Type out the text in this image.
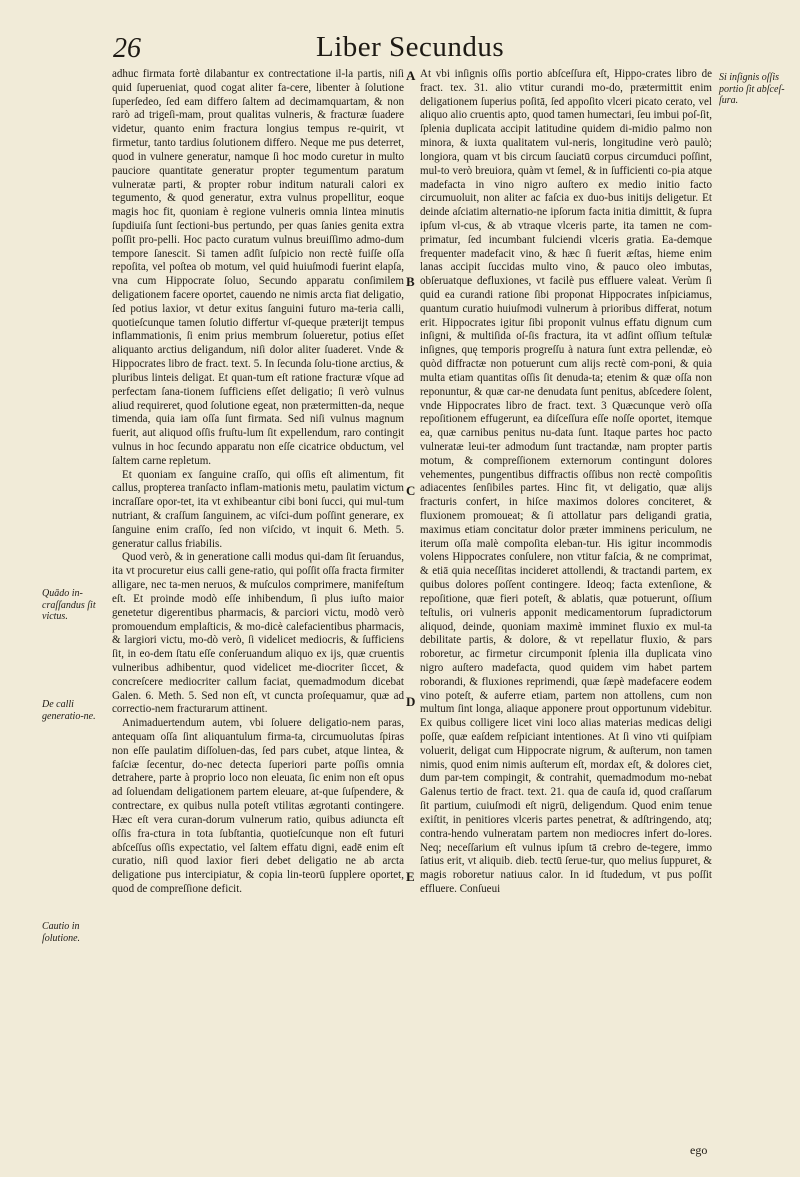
26	Liber Secundus

adhuc firmata fortè dilabantur ex contrectatione il-la partis, niſi quid ſuperueniat, quod cogat aliter fa-cere, libenter à ſolutione ſuperſedeo, ſed eam differo ſaltem ad decimamquartam, & non rarò ad trigeſi-mam, prout qualitas vulneris, & fracturæ ſuadere videtur, quanto enim fractura longius tempus re-quirit, vt firmetur, tanto tardius ſolutionem differo. Neque me pus deterret, quod in vulnere generatur, namque ſi hoc modo curetur in multo pauciore quantitate generatur propter tegumentum paratum vulneratæ parti, & propter robur inditum naturali calori ex tegumento, & quod generatur, extra vulnus propellitur, eoque magis hoc fit, quoniam è regione vulneris omnia lintea minutis ſupdiuiſa ſunt ſectioni-bus pertundo, per quas ſanies genita extra poſſit pro-pelli. Hoc pacto curatum vulnus breuiſſimo admo-dum tempore ſanescit. Si tamen adſit ſuſpicio non rectè fuiſſe oſſa repoſita, vel poſtea ob motum, vel quid huiuſmodi fuerint elapſa, vna cum Hippocrate ſoluo, Secundo apparatu conſimilem deligationem facere oportet, cauendo ne nimis arcta fiat deligatio, ſed potius laxior, vt detur exitus ſanguini futuro ma-teria calli, quotieſcunque tamen ſolutio differtur vſ-queque præterijt tempus inflammationis, ſi enim prius membrum ſolueretur, potius eſſet aliquanto arctius deligandum, niſi dolor aliter ſuaderet. Vnde & Hippocrates libro de fract. text. 5. In ſecunda ſolu-tione arctius, & pluribus linteis deligat. Et quan-tum eſt ratione fracturæ vſque ad perfectam ſana-tionem ſufficiens eſſet deligatio; ſi verò vulnus aliud requireret, quod ſolutione egeat, non prætermitten-da, neque timenda, quia iam oſſa ſunt firmata. Sed niſi vulnus magnum fuerit, aut aliquod oſſis fruſtu-lum ſit expellendum, raro contingit vulnus in hoc ſecundo apparatu non eſſe cicatrice obductum, vel ſaltem carne repletum.

Et quoniam ex ſanguine craſſo, qui oſſis eſt alimentum, fit callus, propterea tranſacto inflam-mationis metu, paulatim victum incraſſare opor-tet, ita vt exhibeantur cibi boni ſucci, qui mul-tum nutriant, & craſſum ſanguinem, ac viſci-dum poſſint generare, ex ſanguine enim craſſo, ſed non viſcido, vt inquit 6. Meth. 5. generatur callus friabilis.

Quod verò, & in generatione calli modus qui-dam ſit ſeruandus, ita vt procuretur eius calli gene-ratio, qui poſſit oſſa fracta firmiter alligare, nec ta-men neruos, & muſculos comprimere, manifeſtum eſt. Et proinde modò eſſe inhibendum, ſi plus iuſto maior genetetur digerentibus pharmacis, & parciori victu, modò verò promouendum emplaſticis, & mo-dicè calefacientibus pharmacis, & largiori victu, mo-dò verò, ſi videlicet mediocris, & ſufficiens ſit, in eo-dem ſtatu eſſe conſeruandum aliquo ex ijs, quæ cruentis vulneribus adhibentur, quod videlicet me-diocriter ſiccet, & concreſcere mediocriter callum faciat, quemadmodum dicebat Galen. 6. Meth. 5. Sed non eſt, vt cuncta proſequamur, quæ ad correctio-nem fracturarum attinent.

Animaduertendum autem, vbi ſoluere deligatio-nem paras, antequam oſſa ſint aliquantulum firma-ta, circumuolutas ſpiras non eſſe paulatim diſſoluen-das, ſed pars cubet, atque lintea, & faſciæ ſecentur, do-nec detecta ſuperiori parte poſſis omnia detrahere, parte à proprio loco non eleuata, ſic enim non eſt opus ad ſoluendam deligationem partem eleuare, at-que ſuſpendere, & contrectare, ex quibus nulla poteſt vtilitas ægrotanti contingere. Hæc eſt vera curan-dorum vulnerum ratio, quibus adiuncta eſt oſſis fra-ctura in tota ſubſtantia, quotieſcunque non eſt futuri abſceſſus oſſis expectatio, vel ſaltem effatu digni, eadē enim eſt curatio, niſi quod laxior fieri debet deligatio ne ab arcta deligatione pus intercipiatur, & copia lin-teorū ſupplere oportet, quod de compreſſione deficit.

At vbi inſignis oſſis portio abſceſſura eſt, Hippo-crates libro de fract. tex. 31. alio vtitur curandi mo-do, prætermittit enim deligationem ſuperius poſitā, ſed appoſito vlceri picato cerato, vel aliquo alio cruentis apto, quod tamen humectari, ſeu imbui poſ-ſit, ſplenia duplicata accipit latitudine quidem di-midio palmo non minora, & iuxta qualitatem vul-neris, longitudine verò paulò; longiora, quam vt bis circum ſauciatū corpus circumduci poſſint, mul-to verò breuiora, quàm vt ſemel, & in ſufficienti co-pia atque madefacta in vino nigro auſtero ex medio initio facto circumuoluit, non aliter ac faſcia ex duo-bus initijs deligetur. Et deinde aſciatim alternatio-ne ipſorum facta initia dimittit, & ſupra ipſum vl-cus, & ab vtraque vlceris parte, ita tamen ne com-primatur, ſed incumbant fulciendi vlceris gratia. Ea-demque frequenter madefacit vino, & hæc ſi fuerit æſtas, hieme enim lanas accipit ſuccidas multo vino, & pauco oleo imbutas, obſeruatque defluxiones, vt facilè pus effluere valeat. Verùm ſi quid ea curandi ratione ſibi proponat Hippocrates inſpiciamus, quantum curatio huiuſmodi vulnerum à prioribus differat, notum erit. Hippocrates igitur ſibi proponit vulnus effatu dignum cum inſigni, & multiſida oſ-ſis fractura, ita vt adſint oſſium teſtulæ inſignes, quę temporis progreſſu à natura ſunt extra pellendæ, eò quòd diffractæ non potuerunt cum alijs rectè com-poni, & quia multa etiam quantitas oſſis ſit denuda-ta; etenim & quæ oſſa non reponuntur, & quæ car-ne denudata ſunt penitus, abſcedere ſolent, vnde Hippocrates libro de fract. text. 3 Quæcunque verò oſſa repoſitionem effugerunt, ea diſceſſura eſſe noſſe oportet, itemque ea, quæ carnibus penitus nu-data ſunt. Itaque partes hoc pacto vulneratæ leui-ter admodum ſunt tractandæ, nam propter partis motum, & compreſſionem externorum contingunt dolores vehementes, pungentibus diffractis oſſibus non rectè compoſitis adiacentes ſenſibiles partes. Hinc fit, vt deligatio, quæ alijs fracturis confert, in hiſce maximos dolores conciteret, & fluxionem promoueat; & ſi attollatur pars deligandi gratia, maximus etiam concitatur dolor præter imminens periculum, ne iterum oſſa malè compoſita eleban-tur. His igitur incommodis volens Hippocrates conſulere, non vtitur faſcia, & ne comprimat, & etiā quia neceſſitas incideret attollendi, & tractandi partem, ex quibus dolores poſſent contingere. Ideoq; facta extenſione, & repoſitione, quæ fieri poteſt, & ablatis, quæ potuerunt, oſſium teſtulis, ori vulneris apponit medicamentorum ſupradictorum aliquod, deinde, quoniam maximè imminet fluxio ex mul-ta debilitate partis, & dolore, & vt repellatur fluxio, & pars roboretur, ac firmetur circumponit ſplenia illa duplicata vino nigro auſtero madefacta, quod quidem vim habet partem roborandi, & fluxiones reprimendi, quæ ſæpè madefacere eodem vino poteſt, & auferre etiam, partem non attollens, cum non multum ſint longa, aliaque apponere prout opportunum videbitur. Ex quibus colligere licet vini loco alias materias medicas deligi poſſe, quæ eaſdem reſpiciant intentiones. At ſi vino vti quiſpiam voluerit, deligat cum Hippocrate nigrum, & auſterum, non tamen nimis, quod enim nimis auſterum eſt, mordax eſt, & dolores ciet, dum par-tem compingit, & contrahit, quemadmodum mo-nebat Galenus tertio de fract. text. 21. qua de cauſa id, quod craſſarum ſit partium, cuiuſmodi eſt nigrū, deligendum. Quod enim tenue exiſtit, in penitiores vlceris partes penetrat, & adſtringendo, atq; contra-hendo vulneratam partem non mediocres infert do-lores. Neq; neceſſarium eſt vulnus ipſum tā crebro de-tegere, immo ſatius erit, vt aliquib. dieb. tectū ſerue-tur, quo melius ſuppuret, & magis roboretur natiuus calor. In id ſtudedum, vt pus poſſit effluere. Conſueui

A
B
C
D
E
Quādo in-craſſandus ſit victus.
De calli generatio-ne.
Cautio in ſolutione.
Si inſignis oſſis portio ſit abſceſ-ſura.
ego
